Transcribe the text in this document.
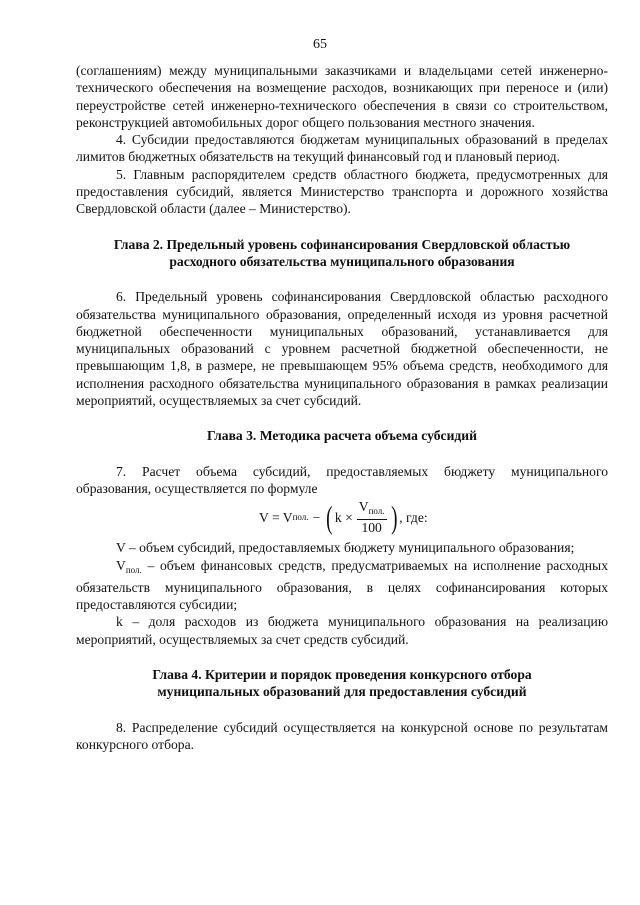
65

(соглашениям) между муниципальными заказчиками и владельцами сетей инженерно-технического обеспечения на возмещение расходов, возникающих при переносе и (или) переустройстве сетей инженерно-технического обеспечения в связи со строительством, реконструкцией автомобильных дорог общего пользования местного значения.

4. Субсидии предоставляются бюджетам муниципальных образований в пределах лимитов бюджетных обязательств на текущий финансовый год и плановый период.

5. Главным распорядителем средств областного бюджета, предусмотренных для предоставления субсидий, является Министерство транспорта и дорожного хозяйства Свердловской области (далее – Министерство).

Глава 2. Предельный уровень софинансирования Свердловской областью
расходного обязательства муниципального образования

6. Предельный уровень софинансирования Свердловской областью расходного обязательства муниципального образования, определенный исходя из уровня расчетной бюджетной обеспеченности муниципальных образований, устанавливается для муниципальных образований с уровнем расчетной бюджетной обеспеченности, не превышающим 1,8, в размере, не превышающем 95% объема средств, необходимого для исполнения расходного обязательства муниципального образования в рамках реализации мероприятий, осуществляемых за счет субсидий.

Глава 3. Методика расчета объема субсидий

7. Расчет объема субсидий, предоставляемых бюджету муниципального образования, осуществляется по формуле

V = V пол. − ( $k \times \frac{V_{пол.}}{100}$ ) , где:

V – объем субсидий, предоставляемых бюджету муниципального образования;

$V_{пол.}$ – объем финансовых средств, предусматриваемых на исполнение расходных обязательств муниципального образования, в целях софинансирования которых предоставляются субсидии;

k – доля расходов из бюджета муниципального образования на реализацию мероприятий, осуществляемых за счет средств субсидий.

Глава 4. Критерии и порядок проведения конкурсного отбора
муниципальных образований для предоставления субсидий

8. Распределение субсидий осуществляется на конкурсной основе по результатам конкурсного отбора.
